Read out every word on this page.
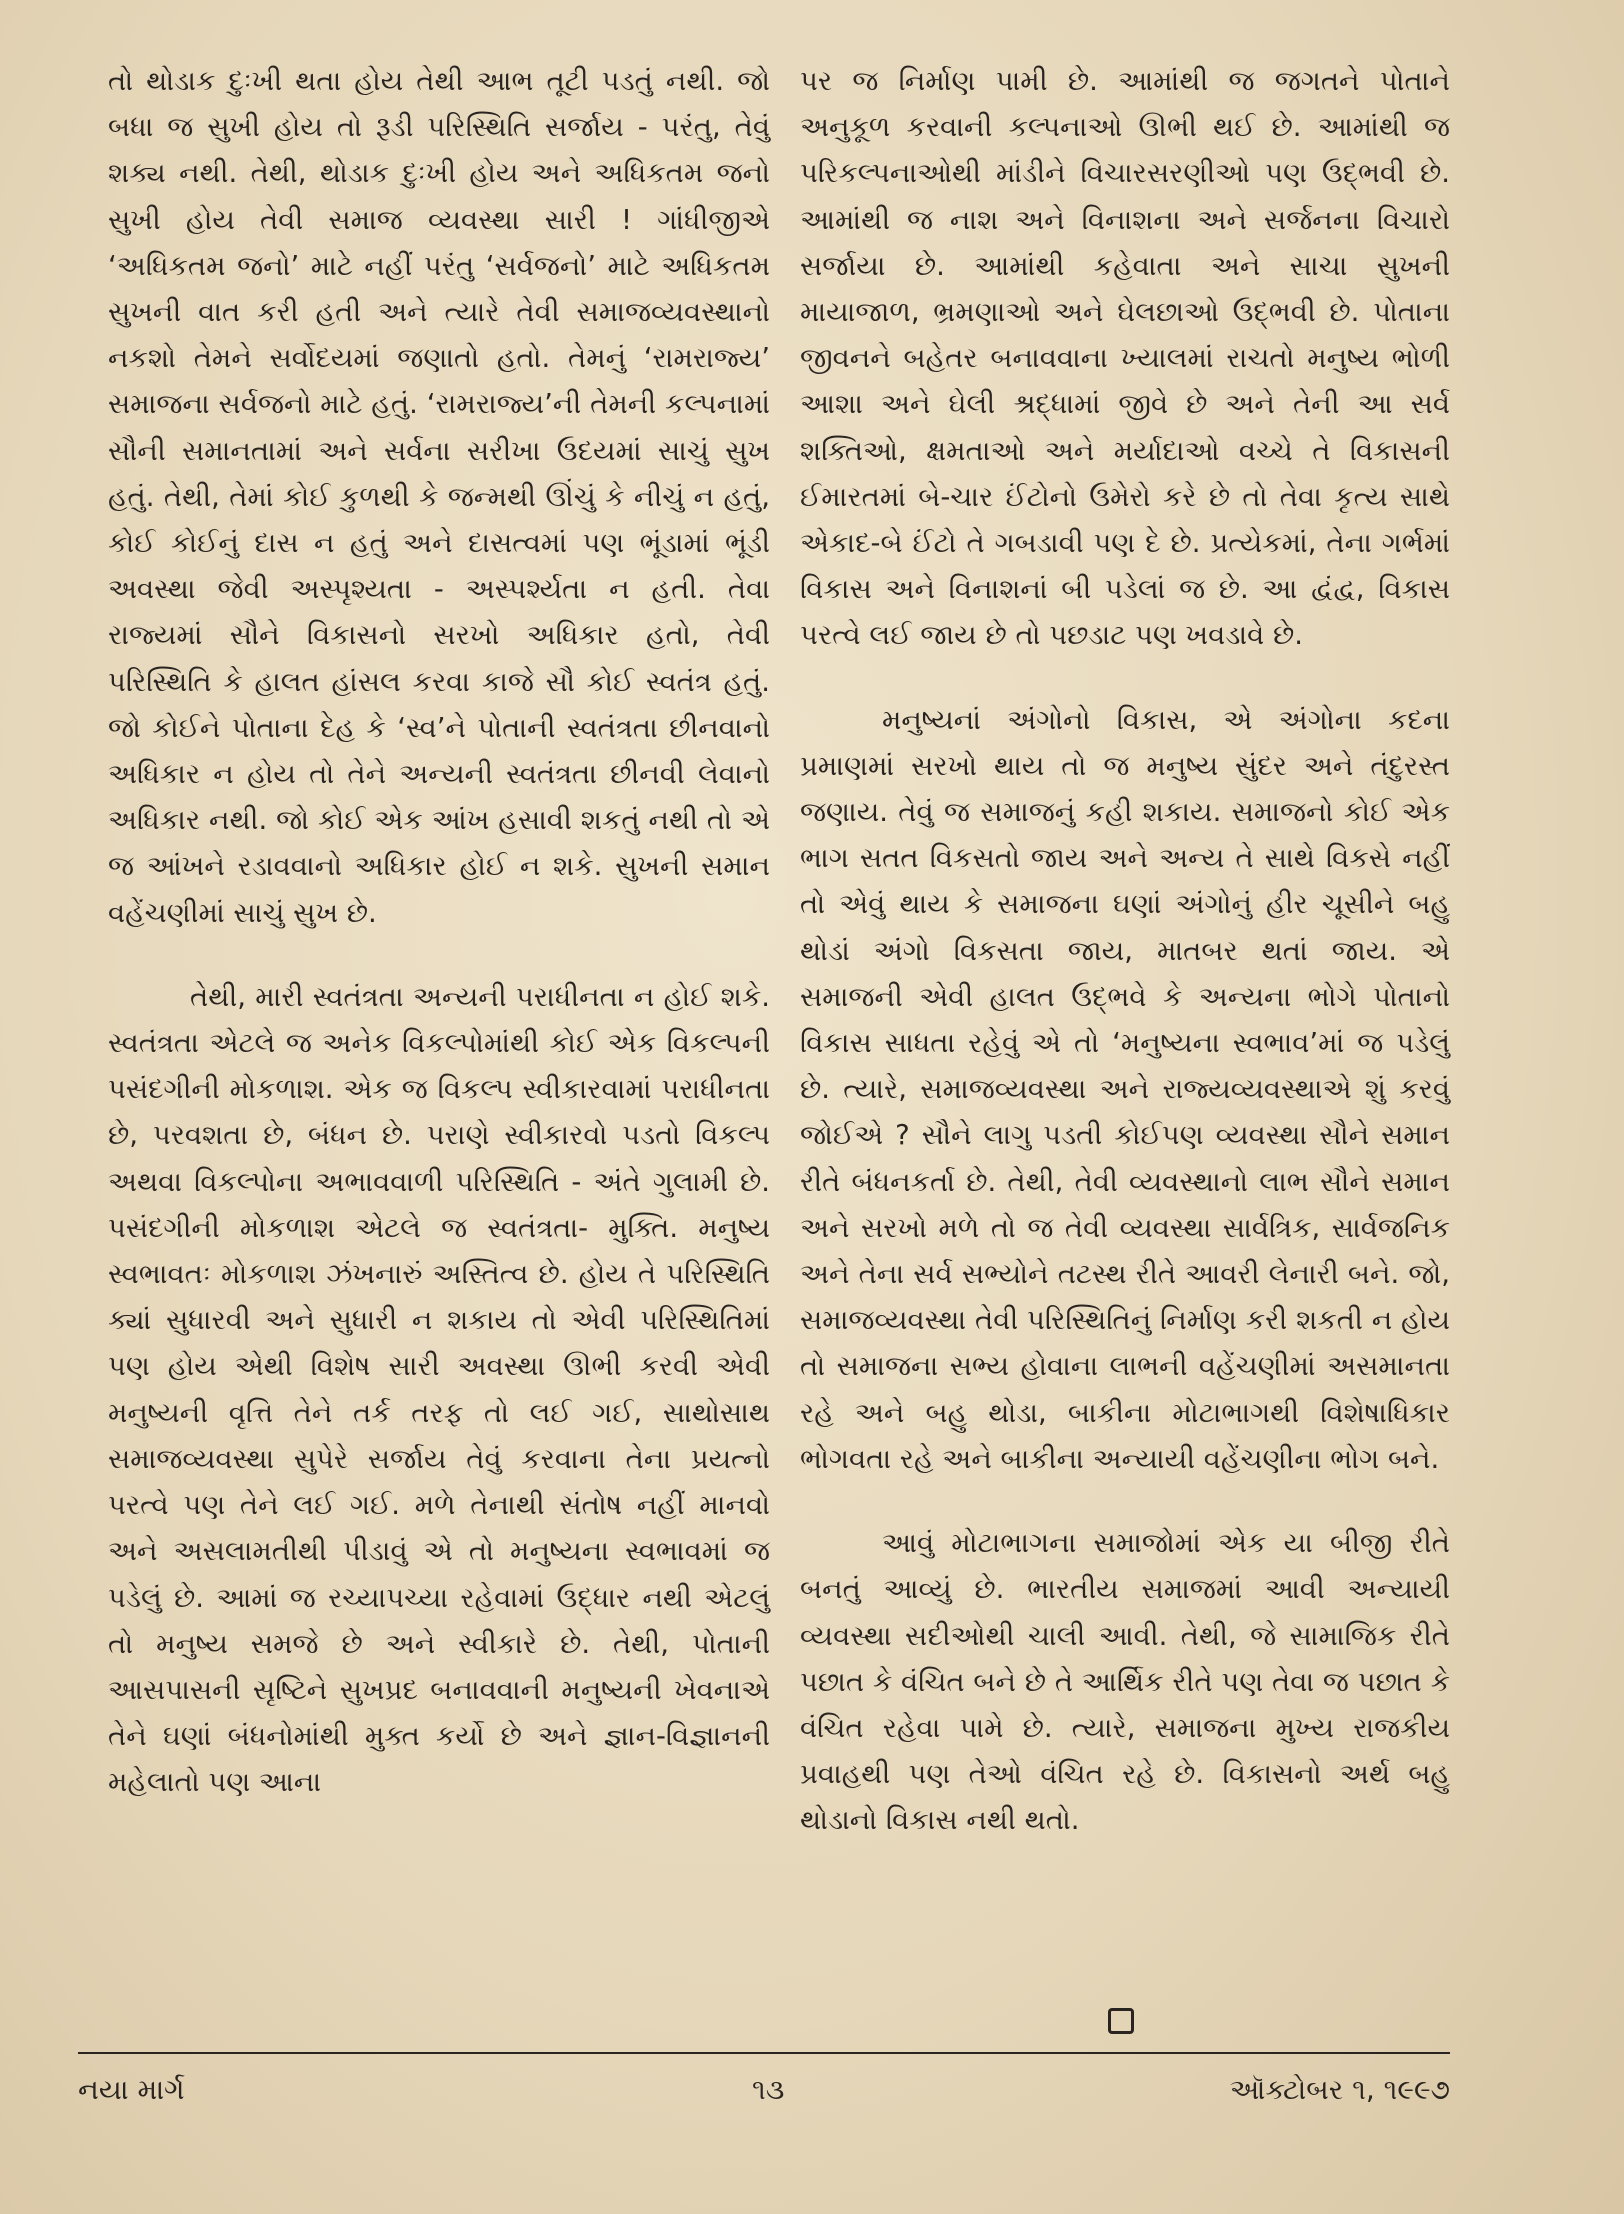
તો થોડાક દુઃખી થતા હોય તેથી આભ તૂટી પડતું નથી. જો બધા જ સુખી હોય તો રૂડી પરિસ્થિતિ સર્જાય - પરંતુ, તેવું શક્ય નથી. તેથી, થોડાક દુઃખી હોય અને અધિકતમ જનો સુખી હોય તેવી સમાજ વ્યવસ્થા સારી ! ગાંધીજીએ ‘અધિકતમ જનો’ માટે નહીં પરંતુ ‘સર્વજનો’ માટે અધિકતમ સુખની વાત કરી હતી અને ત્યારે તેવી સમાજવ્યવસ્થાનો નકશો તેમને સર્વોદયમાં જણાતો હતો. તેમનું ‘રામરાજ્ય’ સમાજના સર્વજનો માટે હતું. ‘રામરાજ્ય’ની તેમની કલ્પનામાં સૌની સમાનતામાં અને સર્વના સરીખા ઉદયમાં સાચું સુખ હતું. તેથી, તેમાં કોઈ કુળથી કે જન્મથી ઊંચું કે નીચું ન હતું, કોઈ કોઈનું દાસ ન હતું અને દાસત્વમાં પણ ભૂંડામાં ભૂંડી અવસ્થા જેવી અસ્પૃશ્યતા - અસ્પર્શ્યતા ન હતી. તેવા રાજ્યમાં સૌને વિકાસનો સરખો અધિકાર હતો, તેવી પરિસ્થિતિ કે હાલત હાંસલ કરવા કાજે સૌ કોઈ સ્વતંત્ર હતું. જો કોઈને પોતાના દેહ કે ‘સ્વ’ને પોતાની સ્વતંત્રતા છીનવાનો અધિકાર ન હોય તો તેને અન્યની સ્વતંત્રતા છીનવી લેવાનો અધિકાર નથી. જો કોઈ એક આંખ હસાવી શકતું નથી તો એ જ આંખને રડાવવાનો અધિકાર હોઈ ન શકે. સુખની સમાન વહેંચણીમાં સાચું સુખ છે.

તેથી, મારી સ્વતંત્રતા અન્યની પરાધીનતા ન હોઈ શકે. સ્વતંત્રતા એટલે જ અનેક વિકલ્પોમાંથી કોઈ એક વિકલ્પની પસંદગીની મોકળાશ. એક જ વિકલ્પ સ્વીકારવામાં પરાધીનતા છે, પરવશતા છે, બંધન છે. પરાણે સ્વીકારવો પડતો વિકલ્પ અથવા વિકલ્પોના અભાવવાળી પરિસ્થિતિ - અંતે ગુલામી છે. પસંદગીની મોકળાશ એટલે જ સ્વતંત્રતા- મુક્તિ. મનુષ્ય સ્વભાવતઃ મોકળાશ ઝંખનારું અસ્તિત્વ છે. હોય તે પરિસ્થિતિ ક્યાં સુધારવી અને સુધારી ન શકાય તો એવી પરિસ્થિતિમાં પણ હોય એથી વિશેષ સારી અવસ્થા ઊભી કરવી એવી મનુષ્યની વૃત્તિ તેને તર્ક તરફ તો લઈ ગઈ, સાથોસાથ સમાજવ્યવસ્થા સુપેરે સર્જાય તેવું કરવાના તેના પ્રયત્નો પરત્વે પણ તેને લઈ ગઈ. મળે તેનાથી સંતોષ નહીં માનવો અને અસલામતીથી પીડાવું એ તો મનુષ્યના સ્વભાવમાં જ પડેલું છે. આમાં જ રચ્યાપચ્યા રહેવામાં ઉદ્ધાર નથી એટલું તો મનુષ્ય સમજે છે અને સ્વીકારે છે. તેથી, પોતાની આસપાસની સૃષ્ટિને સુખપ્રદ બનાવવાની મનુષ્યની ખેવનાએ તેને ઘણાં બંધનોમાંથી મુક્ત કર્યો છે અને જ્ઞાન-વિજ્ઞાનની મહેલાતો પણ આના

પર જ નિર્માણ પામી છે. આમાંથી જ જગતને પોતાને અનુકૂળ કરવાની કલ્પનાઓ ઊભી થઈ છે. આમાંથી જ પરિકલ્પનાઓથી માંડીને વિચારસરણીઓ પણ ઉદ્‌ભવી છે. આમાંથી જ નાશ અને વિનાશના અને સર્જનના વિચારો સર્જાયા છે. આમાંથી કહેવાતા અને સાચા સુખની માયાજાળ, ભ્રમણાઓ અને ઘેલછાઓ ઉદ્‌ભવી છે. પોતાના જીવનને બહેતર બનાવવાના ખ્યાલમાં રાચતો મનુષ્ય ભોળી આશા અને ઘેલી શ્રદ્ધામાં જીવે છે અને તેની આ સર્વ શક્તિઓ, ક્ષમતાઓ અને મર્યાદાઓ વચ્ચે તે વિકાસની ઈમારતમાં બે-ચાર ઈંટોનો ઉમેરો કરે છે તો તેવા કૃત્ય સાથે એકાદ-બે ઈંટો તે ગબડાવી પણ દે છે. પ્રત્યેકમાં, તેના ગર્ભમાં વિકાસ અને વિનાશનાં બી પડેલાં જ છે. આ દ્વંદ્વ, વિકાસ પરત્વે લઈ જાય છે તો પછડાટ પણ ખવડાવે છે.

મનુષ્યનાં અંગોનો વિકાસ, એ અંગોના કદના પ્રમાણમાં સરખો થાય તો જ મનુષ્ય સુંદર અને તંદુરસ્ત જણાય. તેવું જ સમાજનું કહી શકાય. સમાજનો કોઈ એક ભાગ સતત વિકસતો જાય અને અન્ય તે સાથે વિકસે નહીં તો એવું થાય કે સમાજના ઘણાં અંગોનું હીર ચૂસીને બહુ થોડાં અંગો વિકસતા જાય, માતબર થતાં જાય. એ સમાજની એવી હાલત ઉદ્‌ભવે કે અન્યના ભોગે પોતાનો વિકાસ સાધતા રહેવું એ તો ‘મનુષ્યના સ્વભાવ’માં જ પડેલું છે. ત્યારે, સમાજવ્યવસ્થા અને રાજ્યવ્યવસ્થાએ શું કરવું જોઈએ ? સૌને લાગુ પડતી કોઈપણ વ્યવસ્થા સૌને સમાન રીતે બંધનકર્તા છે. તેથી, તેવી વ્યવસ્થાનો લાભ સૌને સમાન અને સરખો મળે તો જ તેવી વ્યવસ્થા સાર્વત્રિક, સાર્વજનિક અને તેના સર્વ સભ્યોને તટસ્થ રીતે આવરી લેનારી બને. જો, સમાજવ્યવસ્થા તેવી પરિસ્થિતિનું નિર્માણ કરી શકતી ન હોય તો સમાજના સભ્ય હોવાના લાભની વહેંચણીમાં અસમાનતા રહે અને બહુ થોડા, બાકીના મોટાભાગથી વિશેષાધિકાર ભોગવતા રહે અને બાકીના અન્યાયી વહેંચણીના ભોગ બને.

આવું મોટાભાગના સમાજોમાં એક યા બીજી રીતે બનતું આવ્યું છે. ભારતીય સમાજમાં આવી અન્યાયી વ્યવસ્થા સદીઓથી ચાલી આવી. તેથી, જે સામાજિક રીતે પછાત કે વંચિત બને છે તે આર્થિક રીતે પણ તેવા જ પછાત કે વંચિત રહેવા પામે છે. ત્યારે, સમાજના મુખ્ય રાજકીય પ્રવાહથી પણ તેઓ વંચિત રહે છે. વિકાસનો અર્થ બહુ થોડાનો વિકાસ નથી થતો.

નયા માર્ગ	૧૩	ઑક્ટોબર ૧, ૧૯૯૭
